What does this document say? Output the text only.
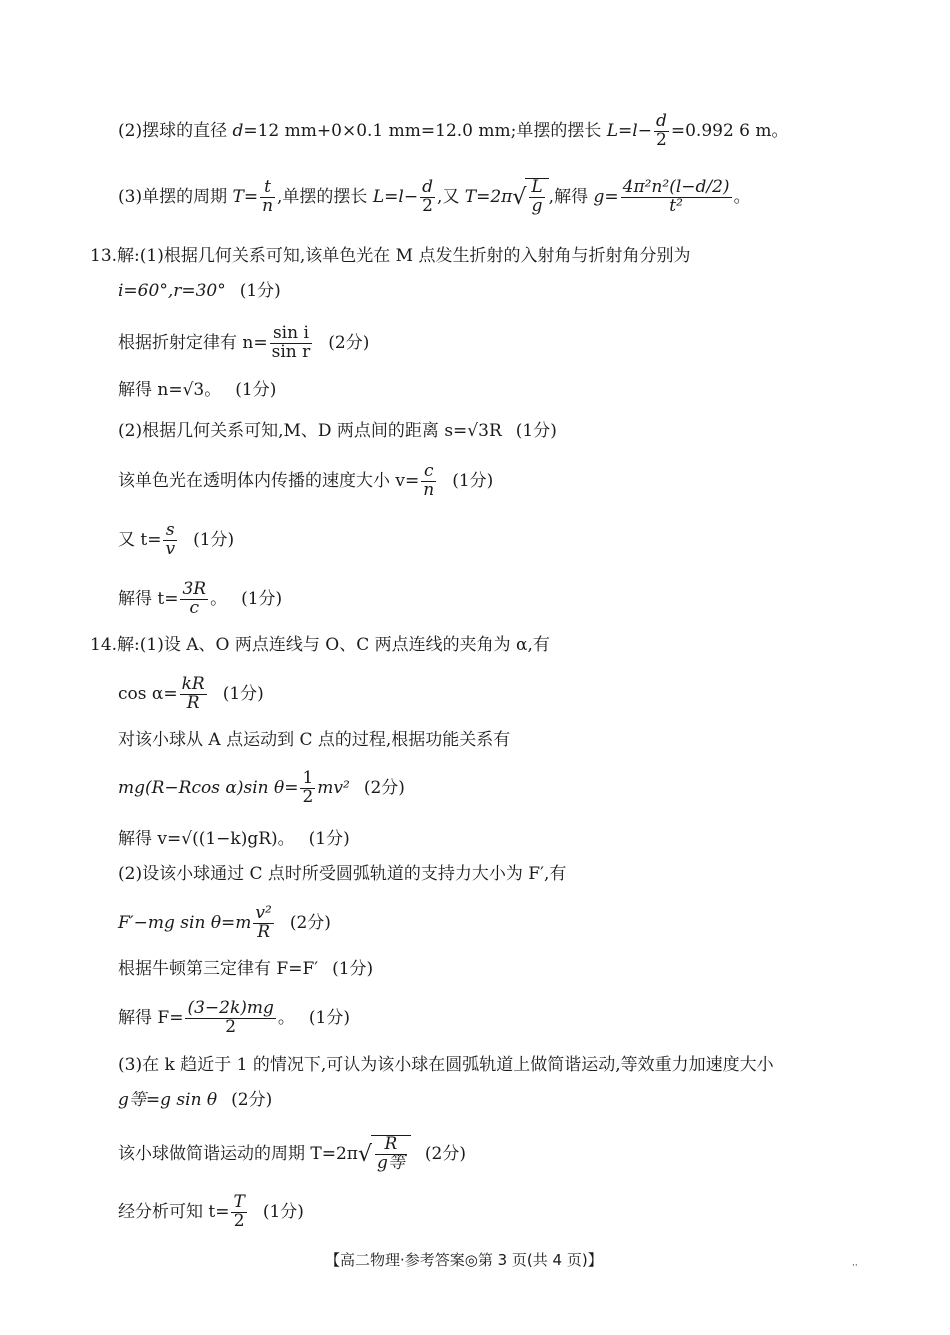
(2)摆球的直径 d=12 mm+0×0.1 mm=12.0 mm;单摆的摆长 $L=l- \frac{d}{2} =0.992$ 6 m。
(3)单摆的周期 $T= \frac{t}{n}$ ,单摆的摆长 $L=l- \frac{d}{2}$ ,又 $T=2\pi√ \frac{L}{g}$ ,解得 $g= \frac{\text{4π²n²(l−d/2)}}{\text{t²}}$ 。
13.解:(1)根据几何关系可知,该单色光在 M 点发生折射的入射角与折射角分别为
i=60°,r=30° (1分)
根据折射定律有 $n= \frac{\text{sin i}}{\text{sin r}} (2$分)
解得 n=√3。 (1分)
(2)根据几何关系可知,M、D 两点间的距离 s=√3R (1分)
该单色光在透明体内传播的速度大小 $v= \frac{c}{n} (1$分)
又 $t= \frac{s}{v} (1$分)
解得 $t= \frac{3R}{c}$ 。 (1分)
14.解:(1)设 A、O 两点连线与 O、C 两点连线的夹角为 α,有
$\cos \alpha= \frac{kR}{R} (1$分)
对该小球从 A 点运动到 C 点的过程,根据功能关系有
mg(R−Rcos α)sin $\theta= \frac{1}{2} mv^2$ (2分)
解得 v=√((1−k)gR)。 (1分)
(2)设该小球通过 C 点时所受圆弧轨道的支持力大小为 F′,有
F′−mg $\sin \theta=m \frac{\text{v²}}{R} (2$分)
根据牛顿第三定律有 F=F′ (1分)
解得 $F= \frac{(3-2k)mg}{2}$ 。 (1分)
(3)在 k 趋近于 1 的情况下,可认为该小球在圆弧轨道上做简谐运动,等效重力加速度大小
g等=g sin θ (2分)
该小球做简谐运动的周期 $T=2\pi√ \frac{R}{\text{g等}} (2$分)
经分析可知 $t= \frac{T}{2} (1$分)
【高二物理·参考答案◎第 3 页(共 4 页)】	··
